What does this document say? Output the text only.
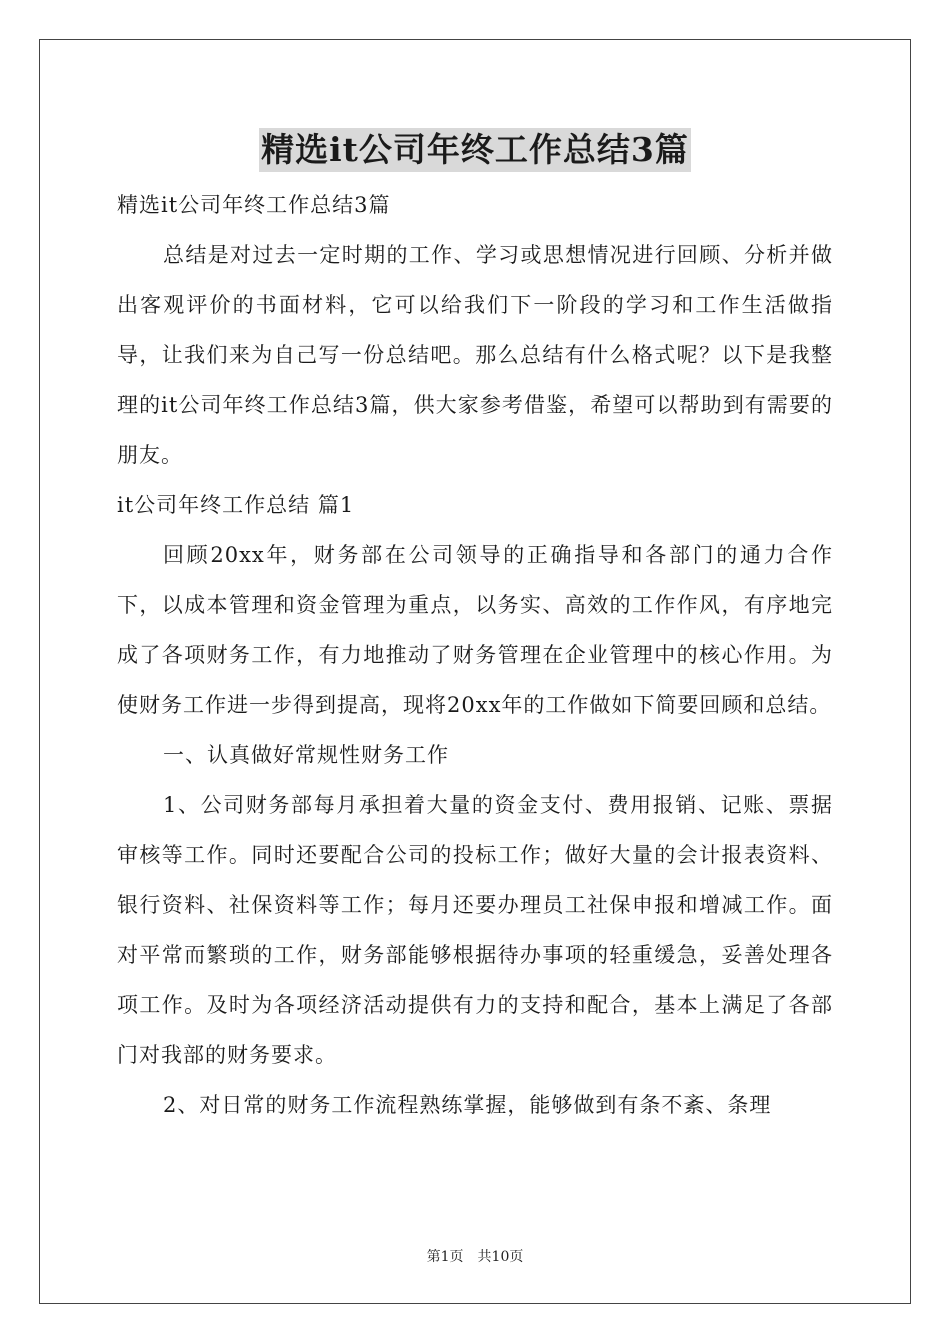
精选it公司年终工作总结3篇

精选it公司年终工作总结3篇

总结是对过去一定时期的工作、学习或思想情况进行回顾、分析并做出客观评价的书面材料，它可以给我们下一阶段的学习和工作生活做指导，让我们来为自己写一份总结吧。那么总结有什么格式呢？以下是我整理的it公司年终工作总结3篇，供大家参考借鉴，希望可以帮助到有需要的朋友。

it公司年终工作总结 篇1

回顾20xx年，财务部在公司领导的正确指导和各部门的通力合作下，以成本管理和资金管理为重点，以务实、高效的工作作风，有序地完成了各项财务工作，有力地推动了财务管理在企业管理中的核心作用。为使财务工作进一步得到提高，现将20xx年的工作做如下简要回顾和总结。

一、认真做好常规性财务工作

1、公司财务部每月承担着大量的资金支付、费用报销、记账、票据审核等工作。同时还要配合公司的投标工作；做好大量的会计报表资料、银行资料、社保资料等工作；每月还要办理员工社保申报和增减工作。面对平常而繁琐的工作，财务部能够根据待办事项的轻重缓急，妥善处理各项工作。及时为各项经济活动提供有力的支持和配合，基本上满足了各部门对我部的财务要求。

2、对日常的财务工作流程熟练掌握，能够做到有条不紊、条理

第1页 共10页
